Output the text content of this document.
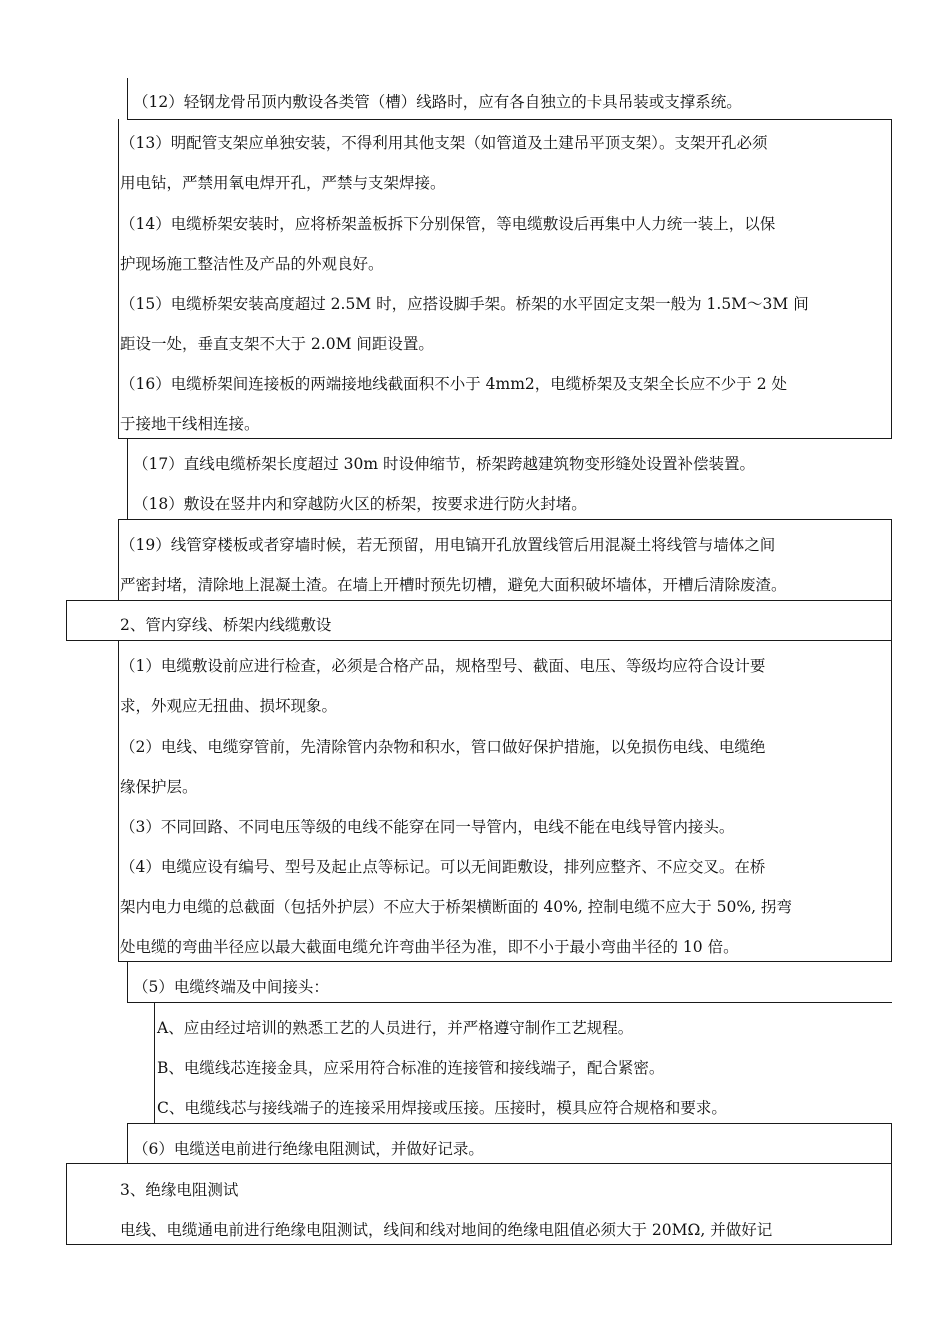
（12）轻钢龙骨吊顶内敷设各类管（槽）线路时，应有各自独立的卡具吊装或支撑系统。
（13）明配管支架应单独安装，不得利用其他支架（如管道及土建吊平顶支架）。支架开孔必须
用电钻，严禁用氧电焊开孔，严禁与支架焊接。
（14）电缆桥架安装时，应将桥架盖板拆下分别保管，等电缆敷设后再集中人力统一装上，以保
护现场施工整洁性及产品的外观良好。
（15）电缆桥架安装高度超过 2.5M 时，应搭设脚手架。桥架的水平固定支架一般为 1.5M〜3M 间
距设一处，垂直支架不大于 2.0M 间距设置。
（16）电缆桥架间连接板的两端接地线截面积不小于 4mm2，电缆桥架及支架全长应不少于 2 处
于接地干线相连接。
（17）直线电缆桥架长度超过 30m 时设伸缩节，桥架跨越建筑物变形缝处设置补偿装置。
（18）敷设在竖井内和穿越防火区的桥架，按要求进行防火封堵。
（19）线管穿楼板或者穿墙时候，若无预留，用电镐开孔放置线管后用混凝土将线管与墙体之间
严密封堵，清除地上混凝土渣。在墙上开槽时预先切槽，避免大面积破坏墙体，开槽后清除废渣。
2、管内穿线、桥架内线缆敷设
（1）电缆敷设前应进行检查，必须是合格产品，规格型号、截面、电压、等级均应符合设计要
求，外观应无扭曲、损坏现象。
（2）电线、电缆穿管前，先清除管内杂物和积水，管口做好保护措施，以免损伤电线、电缆绝
缘保护层。
（3）不同回路、不同电压等级的电线不能穿在同一导管内，电线不能在电线导管内接头。
（4）电缆应设有编号、型号及起止点等标记。可以无间距敷设，排列应整齐、不应交叉。在桥
架内电力电缆的总截面（包括外护层）不应大于桥架横断面的 40%, 控制电缆不应大于 50%, 拐弯
处电缆的弯曲半径应以最大截面电缆允许弯曲半径为准，即不小于最小弯曲半径的 10 倍。
（5）电缆终端及中间接头：
A、应由经过培训的熟悉工艺的人员进行，并严格遵守制作工艺规程。
B、电缆线芯连接金具，应采用符合标准的连接管和接线端子，配合紧密。
C、电缆线芯与接线端子的连接采用焊接或压接。压接时，模具应符合规格和要求。
（6）电缆送电前进行绝缘电阻测试，并做好记录。
3、绝缘电阻测试
电线、电缆通电前进行绝缘电阻测试，线间和线对地间的绝缘电阻值必须大于 20MΩ, 并做好记
